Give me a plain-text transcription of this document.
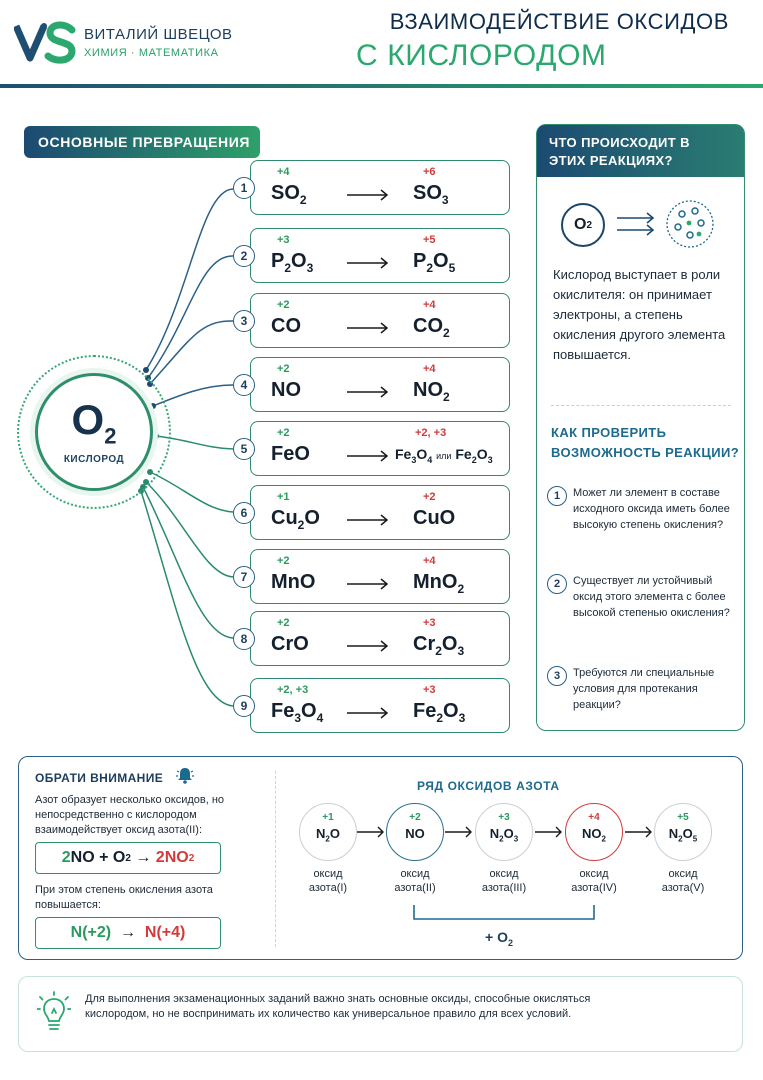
ВИТАЛИЙ ШВЕЦОВ
ХИМИЯ · МАТЕМАТИКА
ВЗАИМОДЕЙСТВИЕ ОКСИДОВ
С КИСЛОРОДОМ
ОСНОВНЫЕ ПРЕВРАЩЕНИЯ
$O_2$
КИСЛОРОД
+4	+6
$SO_2 \to SO_3$
1
+3	+5
$P_2O_3 \to P_2O_5$
2
+2	+4
CO	→ $CO_2$
3
+2	+4
NO	→ $NO_2$
4
+2	+2, +3
FeO → $Fe_3O_4$ или $Fe_2O_3$
5
+1	+2
$Cu_2O$ → CuO
6
+2	+4
MnO → MnO$_2$
7
+2	+3
CrO → $Cr_2O_3$
8
+2, +3	+3
$Fe_3O_4 \to Fe_2O_3$
9
ЧТО ПРОИСХОДИТ В ЭТИХ РЕАКЦИЯХ?
O 2
Кислород выступает в роли окислителя: он принимает электроны, а степень окисления другого элемента повышается.
КАК ПРОВЕРИТЬ ВОЗМОЖНОСТЬ РЕАКЦИИ?
1	Может ли элемент в составе исходного оксида иметь более высокую степень окисления?
2	Существует ли устойчивый оксид этого элемента с более высокой степенью окисления?
3	Требуются ли специальные условия для протекания реакции?
ОБРАТИ ВНИМАНИЕ
Азот образует несколько оксидов, но непосредственно с кислородом взаимодействует оксид азота(II):
2 NO
+
O 2 → 2 NO 2
При этом степень окисления азота повышается:
N(+2) → N(+4)
РЯД ОКСИДОВ АЗОТА
+1
$N_2O$
оксид
азота(I)
+2
NO
оксид
азота(II)
+3
$N_2O_3$
оксид
азота(III)
+4
$NO_2$
оксид
азота(IV)
+5
$N_2O_5$
оксид
азота(V)
+ $O_2$
Для выполнения экзаменационных заданий важно знать основные оксиды, способные окисляться кислородом, но не воспринимать их количество как универсальное правило для всех условий.
